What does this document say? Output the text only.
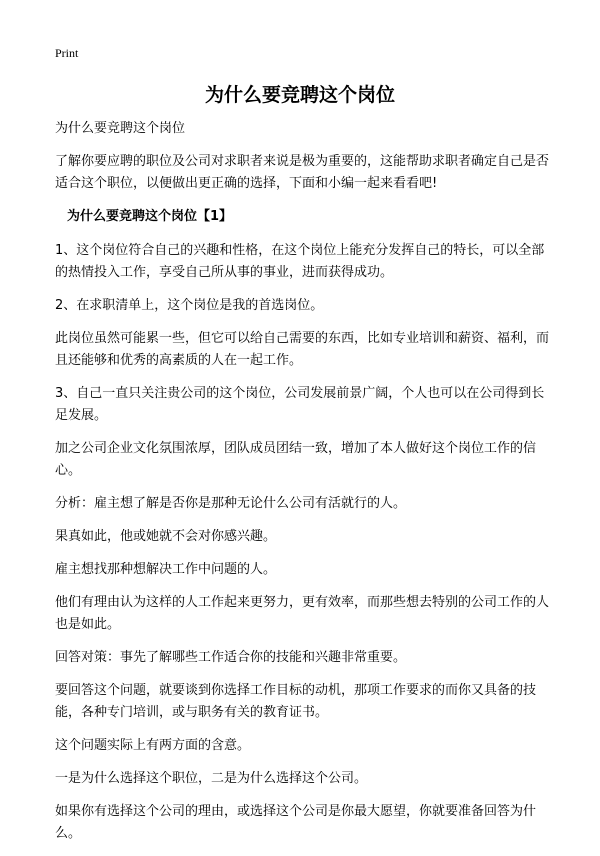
Print
为什么要竞聘这个岗位

为什么要竞聘这个岗位

了解你要应聘的职位及公司对求职者来说是极为重要的，这能帮助求职者确定自己是否适合这个职位，以便做出更正确的选择，下面和小编一起来看看吧!

为什么要竞聘这个岗位【1】

1、这个岗位符合自己的兴趣和性格，在这个岗位上能充分发挥自己的特长，可以全部的热情投入工作，享受自己所从事的事业，进而获得成功。

2、在求职清单上，这个岗位是我的首选岗位。

此岗位虽然可能累一些，但它可以给自己需要的东西，比如专业培训和薪资、福利，而且还能够和优秀的高素质的人在一起工作。

3、自己一直只关注贵公司的这个岗位，公司发展前景广阔，个人也可以在公司得到长足发展。

加之公司企业文化氛围浓厚，团队成员团结一致，增加了本人做好这个岗位工作的信心。

分析：雇主想了解是否你是那种无论什么公司有活就行的人。

果真如此，他或她就不会对你感兴趣。

雇主想找那种想解决工作中问题的人。

他们有理由认为这样的人工作起来更努力，更有效率，而那些想去特别的公司工作的人也是如此。

回答对策：事先了解哪些工作适合你的技能和兴趣非常重要。

要回答这个问题，就要谈到你选择工作目标的动机，那项工作要求的而你又具备的技能，各种专门培训，或与职务有关的教育证书。

这个问题实际上有两方面的含意。

一是为什么选择这个职位，二是为什么选择这个公司。

如果你有选择这个公司的理由，或选择这个公司是你最大愿望，你就要准备回答为什么。
